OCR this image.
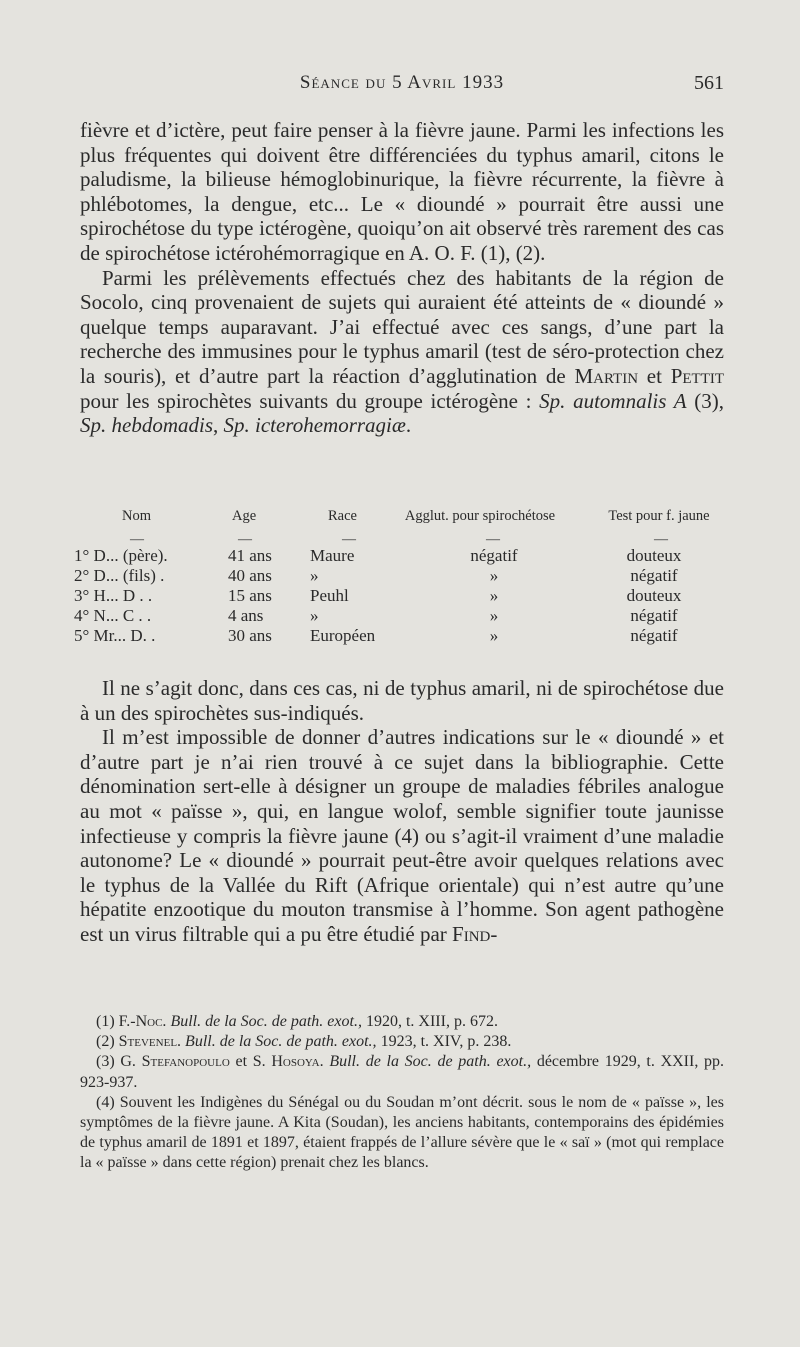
Séance du 5 Avril 1933	561

fièvre et d’ictère, peut faire penser à la fièvre jaune. Parmi les infections les plus fréquentes qui doivent être différenciées du typhus amaril, citons le paludisme, la bilieuse hémoglobinurique, la fièvre récurrente, la fièvre à phlébotomes, la dengue, etc... Le « dioundé » pourrait être aussi une spirochétose du type ictérogène, quoiqu’on ait observé très rarement des cas de spirochétose ictérohémorragique en A. O. F. (1), (2).

Parmi les prélèvements effectués chez des habitants de la région de Socolo, cinq provenaient de sujets qui auraient été atteints de « dioundé » quelque temps auparavant. J’ai effectué avec ces sangs, d’une part la recherche des immusines pour le typhus amaril (test de séro-protection chez la souris), et d’autre part la réaction d’agglutination de Martin et Pettit pour les spirochètes suivants du groupe ictérogène : Sp. automnalis A (3), Sp. hebdomadis, Sp. icterohemorragiæ.

Nom	Age	Race	Agglut. pour spirochétose	Test pour f. jaune
—	—	—	—	—
1° D... (père).	41 ans	Maure	négatif	douteux
2° D... (fils) .	40 ans	»	»	négatif
3° H... D . .	15 ans	Peuhl	»	douteux
4° N... C . .	4 ans	»	»	négatif
5° Mr... D. .	30 ans	Européen	»	négatif

Il ne s’agit donc, dans ces cas, ni de typhus amaril, ni de spirochétose due à un des spirochètes sus-indiqués.

Il m’est impossible de donner d’autres indications sur le « dioundé » et d’autre part je n’ai rien trouvé à ce sujet dans la bibliographie. Cette dénomination sert-elle à désigner un groupe de maladies fébriles analogue au mot « païsse », qui, en langue wolof, semble signifier toute jaunisse infectieuse y compris la fièvre jaune (4) ou s’agit-il vraiment d’une maladie autonome? Le « dioundé » pourrait peut-être avoir quelques relations avec le typhus de la Vallée du Rift (Afrique orientale) qui n’est autre qu’une hépatite enzootique du mouton transmise à l’homme. Son agent pathogène est un virus filtrable qui a pu être étudié par Find-

(1) F.-Noc. Bull. de la Soc. de path. exot., 1920, t. XIII, p. 672.

(2) Stevenel. Bull. de la Soc. de path. exot., 1923, t. XIV, p. 238.

(3) G. Stefanopoulo et S. Hosoya. Bull. de la Soc. de path. exot., décembre 1929, t. XXII, pp. 923-937.

(4) Souvent les Indigènes du Sénégal ou du Soudan m’ont décrit. sous le nom de « païsse », les symptômes de la fièvre jaune. A Kita (Soudan), les anciens habitants, contemporains des épidémies de typhus amaril de 1891 et 1897, étaient frappés de l’allure sévère que le « saï » (mot qui remplace la « païsse » dans cette région) prenait chez les blancs.
